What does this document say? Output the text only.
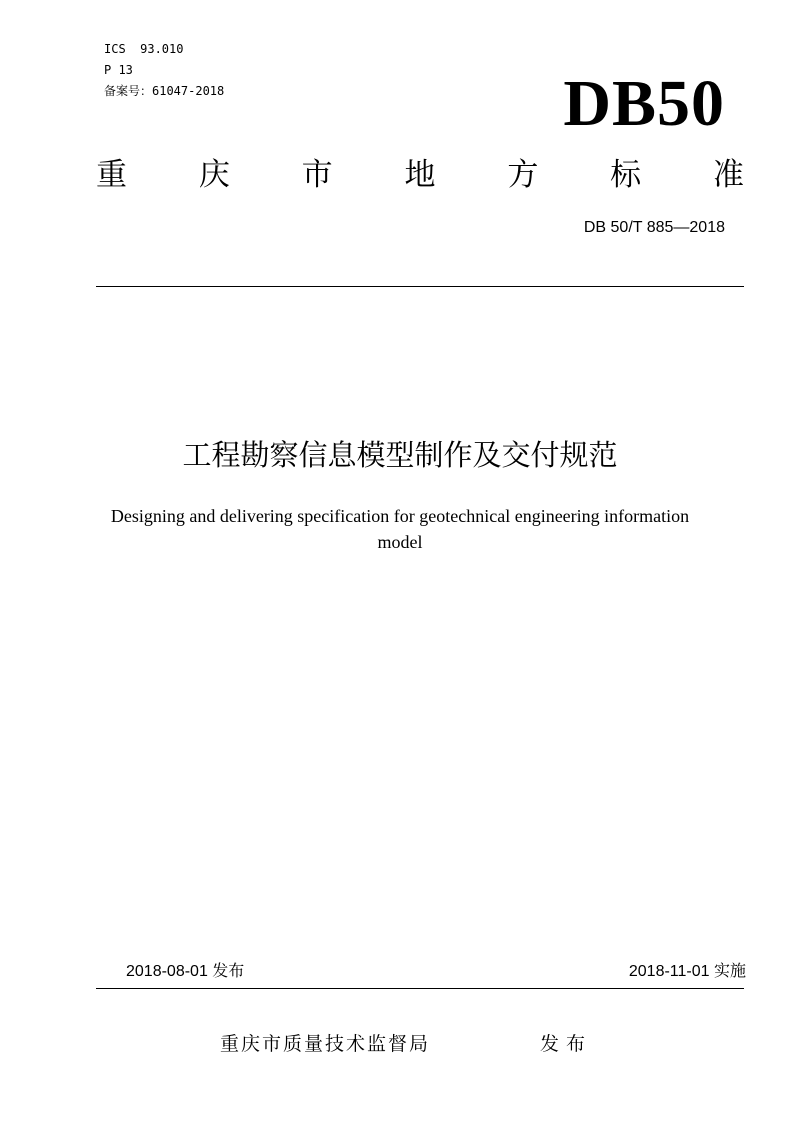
ICS  93.010
P 13
备案号：61047-2018	DB50
重 庆 市 地 方 标 准
DB 50/T 885—2018
工程勘察信息模型制作及交付规范
Designing and delivering specification for geotechnical engineering information model
2018-08-01 发布	2018-11-01 实施
重庆市质量技术监督局	发布
